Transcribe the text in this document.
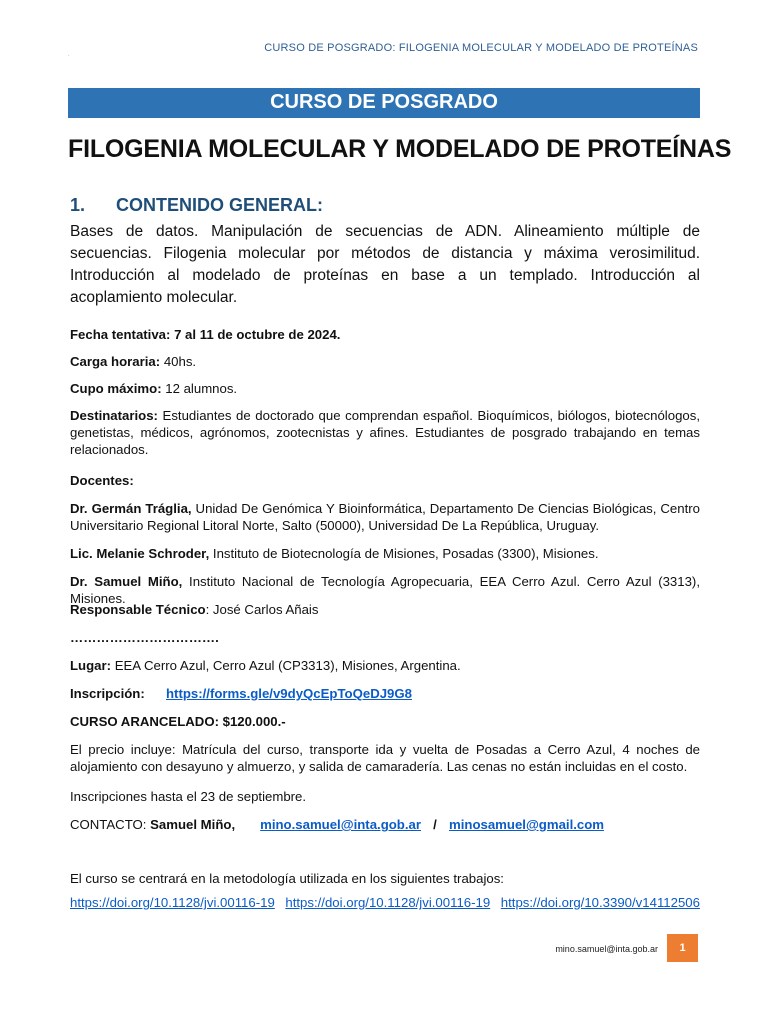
CURSO DE POSGRADO: FILOGENIA MOLECULAR Y MODELADO DE PROTEÍNAS
.
CURSO DE POSGRADO
FILOGENIA MOLECULAR Y MODELADO DE PROTEÍNAS
1. CONTENIDO GENERAL:
Bases de datos. Manipulación de secuencias de ADN. Alineamiento múltiple de secuencias. Filogenia molecular por métodos de distancia y máxima verosimilitud. Introducción al modelado de proteínas en base a un templado. Introducción al acoplamiento molecular.
Fecha tentativa: 7 al 11 de octubre de 2024.
Carga horaria: 40hs.
Cupo máximo: 12 alumnos.
Destinatarios: Estudiantes de doctorado que comprendan español. Bioquímicos, biólogos, biotecnólogos, genetistas, médicos, agrónomos, zootecnistas y afines. Estudiantes de posgrado trabajando en temas relacionados.
Docentes:
Dr. Germán Tráglia, Unidad De Genómica Y Bioinformática, Departamento De Ciencias Biológicas, Centro Universitario Regional Litoral Norte, Salto (50000), Universidad De La República, Uruguay.
Lic. Melanie Schroder, Instituto de Biotecnología de Misiones, Posadas (3300), Misiones.
Dr. Samuel Miño, Instituto Nacional de Tecnología Agropecuaria, EEA Cerro Azul. Cerro Azul (3313), Misiones.
Responsable Técnico: José Carlos Añais
…………………………….
Lugar: EEA Cerro Azul, Cerro Azul (CP3313), Misiones, Argentina.
Inscripción: https://forms.gle/v9dyQcEpToQeDJ9G8
CURSO ARANCELADO: $120.000.-
El precio incluye: Matrícula del curso, transporte ida y vuelta de Posadas a Cerro Azul, 4 noches de alojamiento con desayuno y almuerzo, y salida de camaradería. Las cenas no están incluidas en el costo.
Inscripciones hasta el 23 de septiembre.
CONTACTO: Samuel Miño, mino.samuel@inta.gob.ar / minosamuel@gmail.com
El curso se centrará en la metodología utilizada en los siguientes trabajos:
https://doi.org/10.1128/jvi.00116-19 https://doi.org/10.1128/jvi.00116-19 https://doi.org/10.3390/v14112506
mino.samuel@inta.gob.ar	1
